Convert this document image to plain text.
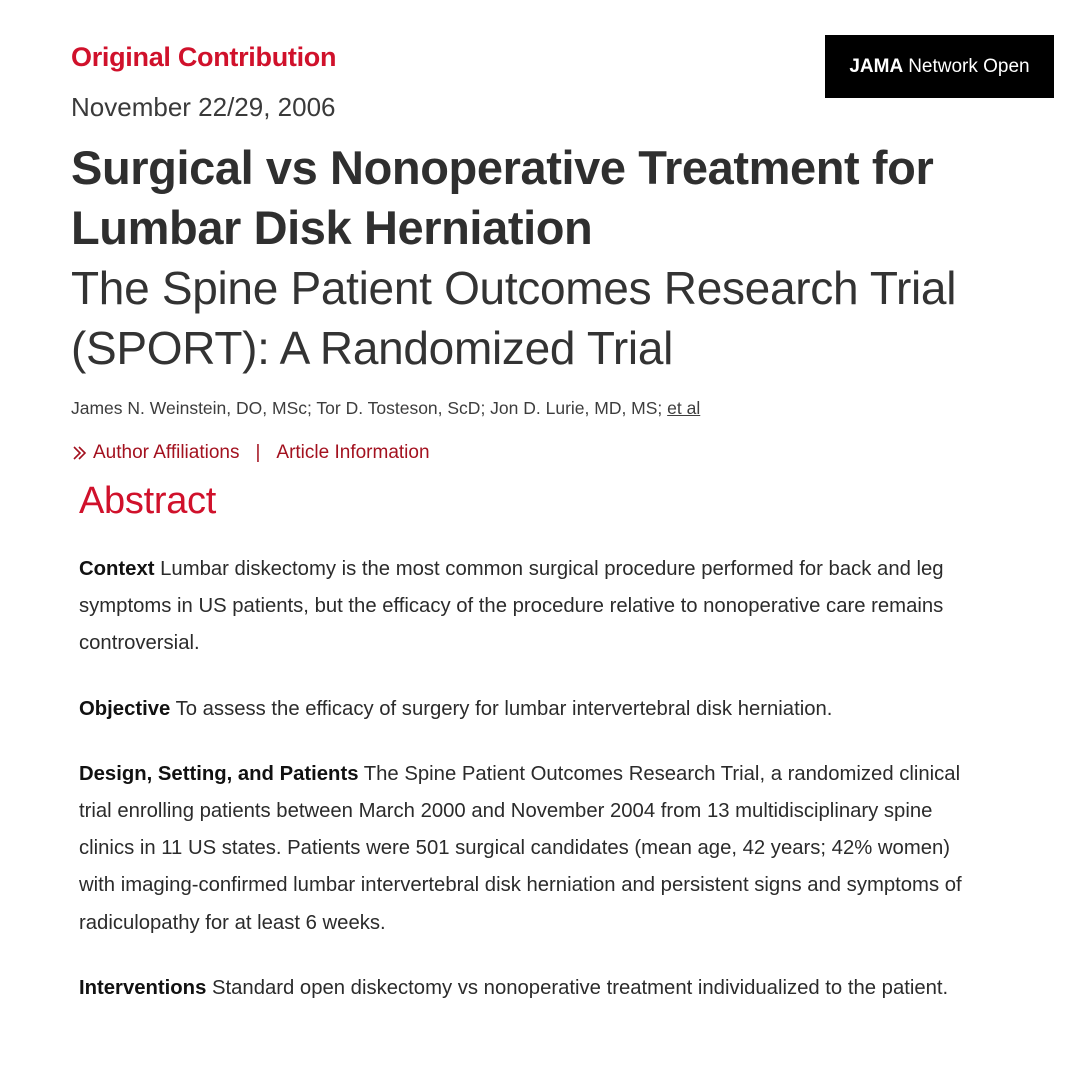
Original Contribution
November 22/29, 2006
JAMA Network Open
Surgical vs Nonoperative Treatment for Lumbar Disk Herniation
The Spine Patient Outcomes Research Trial (SPORT): A Randomized Trial
James N. Weinstein, DO, MSc; Tor D. Tosteson, ScD; Jon D. Lurie, MD, MS; et al
Author Affiliations | Article Information
Abstract

Context Lumbar diskectomy is the most common surgical procedure performed for back and leg symptoms in US patients, but the efficacy of the procedure relative to nonoperative care remains controversial.

Objective To assess the efficacy of surgery for lumbar intervertebral disk herniation.

Design, Setting, and Patients The Spine Patient Outcomes Research Trial, a randomized clinical trial enrolling patients between March 2000 and November 2004 from 13 multidisciplinary spine clinics in 11 US states. Patients were 501 surgical candidates (mean age, 42 years; 42% women) with imaging-confirmed lumbar intervertebral disk herniation and persistent signs and symptoms of radiculopathy for at least 6 weeks.

Interventions Standard open diskectomy vs nonoperative treatment individualized to the patient.
